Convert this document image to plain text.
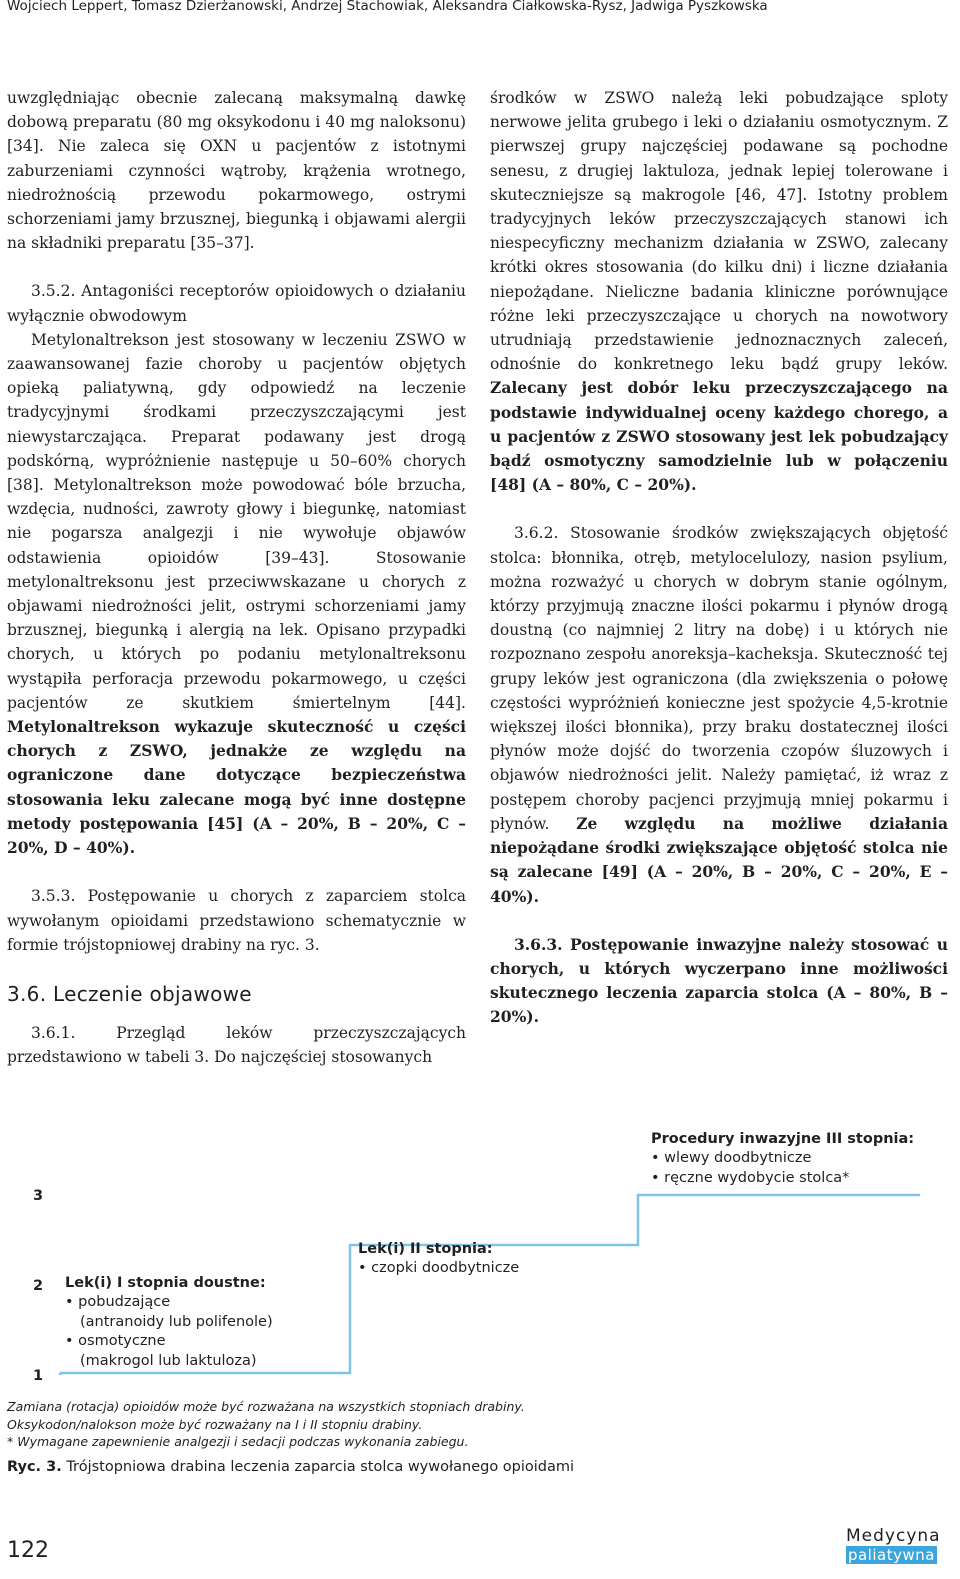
Wojciech Leppert, Tomasz Dzierżanowski, Andrzej Stachowiak, Aleksandra Ciałkowska-Rysz, Jadwiga Pyszkowska

uwzględniając obecnie zalecaną maksymalną dawkę dobową preparatu (80 mg oksykodonu i 40 mg naloksonu) [34]. Nie zaleca się OXN u pacjentów z istotnymi zaburzeniami czynności wątroby, krążenia wrotnego, niedrożnością przewodu pokarmowego, ostrymi schorzeniami jamy brzusznej, biegunką i objawami alergii na składniki preparatu [35–37].

3.5.2. Antagoniści receptorów opioidowych o działaniu wyłącznie obwodowym

Metylonaltrekson jest stosowany w leczeniu ZSWO w zaawansowanej fazie choroby u pacjentów objętych opieką paliatywną, gdy odpowiedź na leczenie tradycyjnymi środkami przeczyszczającymi jest niewystarczająca. Preparat podawany jest drogą podskórną, wypróżnienie następuje u 50–60% chorych [38]. Metylonaltrekson może powodować bóle brzucha, wzdęcia, nudności, zawroty głowy i biegunkę, natomiast nie pogarsza analgezji i nie wywołuje objawów odstawienia opioidów [39–43]. Stosowanie metylonaltreksonu jest przeciwwskazane u chorych z objawami niedrożności jelit, ostrymi schorzeniami jamy brzusznej, biegunką i alergią na lek. Opisano przypadki chorych, u których po podaniu metylonaltreksonu wystąpiła perforacja przewodu pokarmowego, u części pacjentów ze skutkiem śmiertelnym [44]. Metylonaltrekson wykazuje skuteczność u części chorych z ZSWO, jednakże ze względu na ograniczone dane dotyczące bezpieczeństwa stosowania leku zalecane mogą być inne dostępne metody postępowania [45] (A – 20%, B – 20%, C – 20%, D – 40%).

3.5.3. Postępowanie u chorych z zaparciem stolca wywołanym opioidami przedstawiono schematycznie w formie trójstopniowej drabiny na ryc. 3.

3.6. Leczenie objawowe

3.6.1. Przegląd leków przeczyszczających przedstawiono w tabeli 3. Do najczęściej stosowanych

środków w ZSWO należą leki pobudzające sploty nerwowe jelita grubego i leki o działaniu osmotycznym. Z pierwszej grupy najczęściej podawane są pochodne senesu, z drugiej laktuloza, jednak lepiej tolerowane i skuteczniejsze są makrogole [46, 47]. Istotny problem tradycyjnych leków przeczyszczających stanowi ich niespecyficzny mechanizm działania w ZSWO, zalecany krótki okres stosowania (do kilku dni) i liczne działania niepożądane. Nieliczne badania kliniczne porównujące różne leki przeczyszczające u chorych na nowotwory utrudniają przedstawienie jednoznacznych zaleceń, odnośnie do konkretnego leku bądź grupy leków. Zalecany jest dobór leku przeczyszczającego na podstawie indywidualnej oceny każdego chorego, a u pacjentów z ZSWO stosowany jest lek pobudzający bądź osmotyczny samodzielnie lub w połączeniu [48] (A – 80%, C – 20%).

3.6.2. Stosowanie środków zwiększających objętość stolca: błonnika, otręb, metylocelulozy, nasion psylium, można rozważyć u chorych w dobrym stanie ogólnym, którzy przyjmują znaczne ilości pokarmu i płynów drogą doustną (co najmniej 2 litry na dobę) i u których nie rozpoznano zespołu anoreksja–kacheksja. Skuteczność tej grupy leków jest ograniczona (dla zwiększenia o połowę częstości wypróżnień konieczne jest spożycie 4,5-krotnie większej ilości błonnika), przy braku dostatecznej ilości płynów może dojść do tworzenia czopów śluzowych i objawów niedrożności jelit. Należy pamiętać, iż wraz z postępem choroby pacjenci przyjmują mniej pokarmu i płynów. Ze względu na możliwe działania niepożądane środki zwiększające objętość stolca nie są zalecane [49] (A – 20%, B – 20%, C – 20%, E – 40%).

3.6.3. Postępowanie inwazyjne należy stosować u chorych, u których wyczerpano inne możliwości skutecznego leczenia zaparcia stolca (A – 80%, B – 20%).

3
2
1
Lek(i) I stopnia doustne:
• pobudzające
(antranoidy lub polifenole)
• osmotyczne
(makrogol lub laktuloza)
Lek(i) II stopnia:
• czopki doodbytnicze
Procedury inwazyjne III stopnia:
• wlewy doodbytnicze
• ręczne wydobycie stolca*
Zamiana (rotacja) opioidów może być rozważana na wszystkich stopniach drabiny.
Oksykodon/nalokson może być rozważany na I i II stopniu drabiny.
* Wymagane zapewnienie analgezji i sedacji podczas wykonania zabiegu.
Ryc. 3. Trójstopniowa drabina leczenia zaparcia stolca wywołanego opioidami
122
Medycyna
paliatywna
